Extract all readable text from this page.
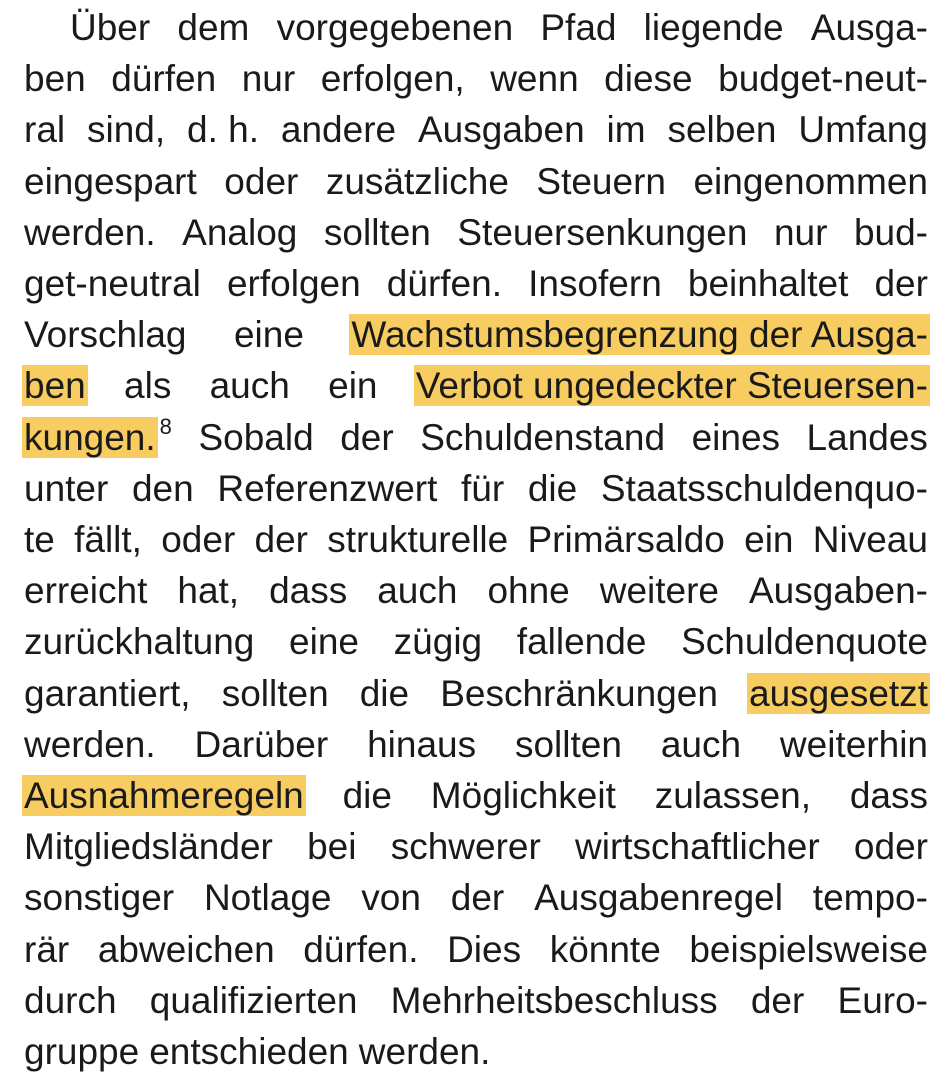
Über dem vorgegebenen Pfad liegende Ausga-
ben dürfen nur erfolgen, wenn diese budget-neut-
ral sind, d. h. andere Ausgaben im selben Umfang
eingespart oder zusätzliche Steuern eingenommen
werden. Analog sollten Steuersenkungen nur bud-
get-neutral erfolgen dürfen. Insofern beinhaltet der
Vorschlag eine Wachstumsbegrenzung der Ausga-
ben als auch ein Verbot ungedeckter Steuersen-
kungen. $^8$ Sobald der Schuldenstand eines Landes
unter den Referenzwert für die Staatsschuldenquo-
te fällt, oder der strukturelle Primärsaldo ein Niveau
erreicht hat, dass auch ohne weitere Ausgaben-
zurückhaltung eine zügig fallende Schuldenquote
garantiert, sollten die Beschränkungen ausgesetzt
werden. Darüber hinaus sollten auch weiterhin
Ausnahmeregeln die Möglichkeit zulassen, dass
Mitgliedsländer bei schwerer wirtschaftlicher oder
sonstiger Notlage von der Ausgabenregel tempo-
rär abweichen dürfen. Dies könnte beispielsweise
durch qualifizierten Mehrheitsbeschluss der Euro-
gruppe entschieden werden.
